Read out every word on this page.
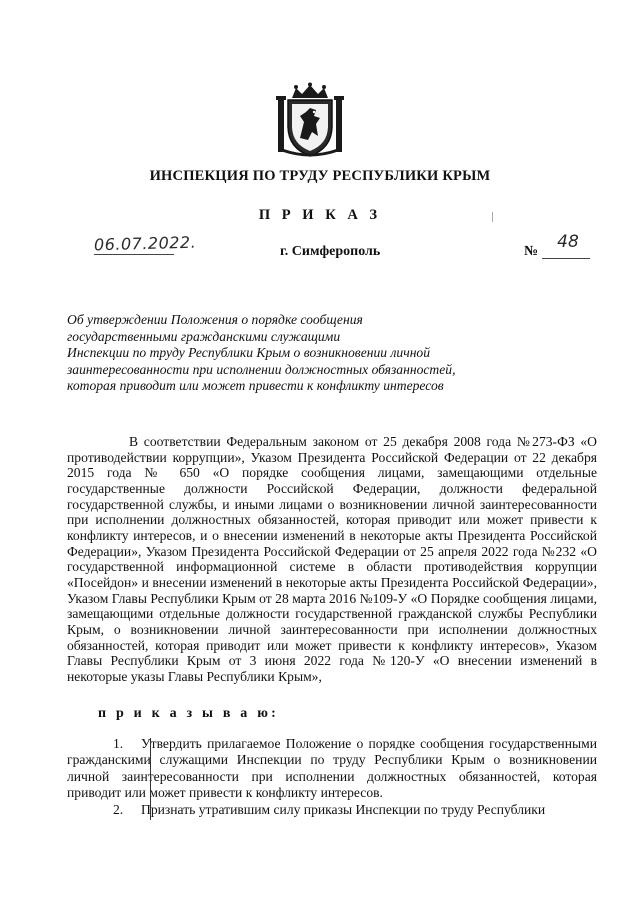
ИНСПЕКЦИЯ ПО ТРУДУ РЕСПУБЛИКИ КРЫМ
П Р И К А З
06.07.2022.	г. Симферополь	№	48
Об утверждении Положения о порядке сообщения
государственными гражданскими служащими
Инспекции по труду Республики Крым о возникновении личной
заинтересованности при исполнении должностных обязанностей,
которая приводит или может привести к конфликту интересов

В соответствии Федеральным законом от 25 декабря 2008 года №273-ФЗ «О противодействии коррупции», Указом Президента Российской Федерации от 22 декабря 2015 года № 650 «О порядке сообщения лицами, замещающими отдельные государственные должности Российской Федерации, должности федеральной государственной службы, и иными лицами о возникновении личной заинтересованности при исполнении должностных обязанностей, которая приводит или может привести к конфликту интересов, и о внесении изменений в некоторые акты Президента Российской Федерации», Указом Президента Российской Федерации от 25 апреля 2022 года №232 «О государственной информационной системе в области противодействия коррупции «Посейдон» и внесении изменений в некоторые акты Президента Российской Федерации», Указом Главы Республики Крым от 28 марта 2016 №109-У «О Порядке сообщения лицами, замещающими отдельные должности государственной гражданской службы Республики Крым, о возникновении личной заинтересованности при исполнении должностных обязанностей, которая приводит или может привести к конфликту интересов», Указом Главы Республики Крым от 3 июня 2022 года №120-У «О внесении изменений в некоторые указы Главы Республики Крым»,

п р и к а з ы в а ю:
1. Утвердить прилагаемое Положение о порядке сообщения государственными гражданскими служащими Инспекции по труду Республики Крым о возникновении личной заинтересованности при исполнении должностных обязанностей, которая приводит или может привести к конфликту интересов.
2. Признать утратившим силу приказы Инспекции по труду Республики
